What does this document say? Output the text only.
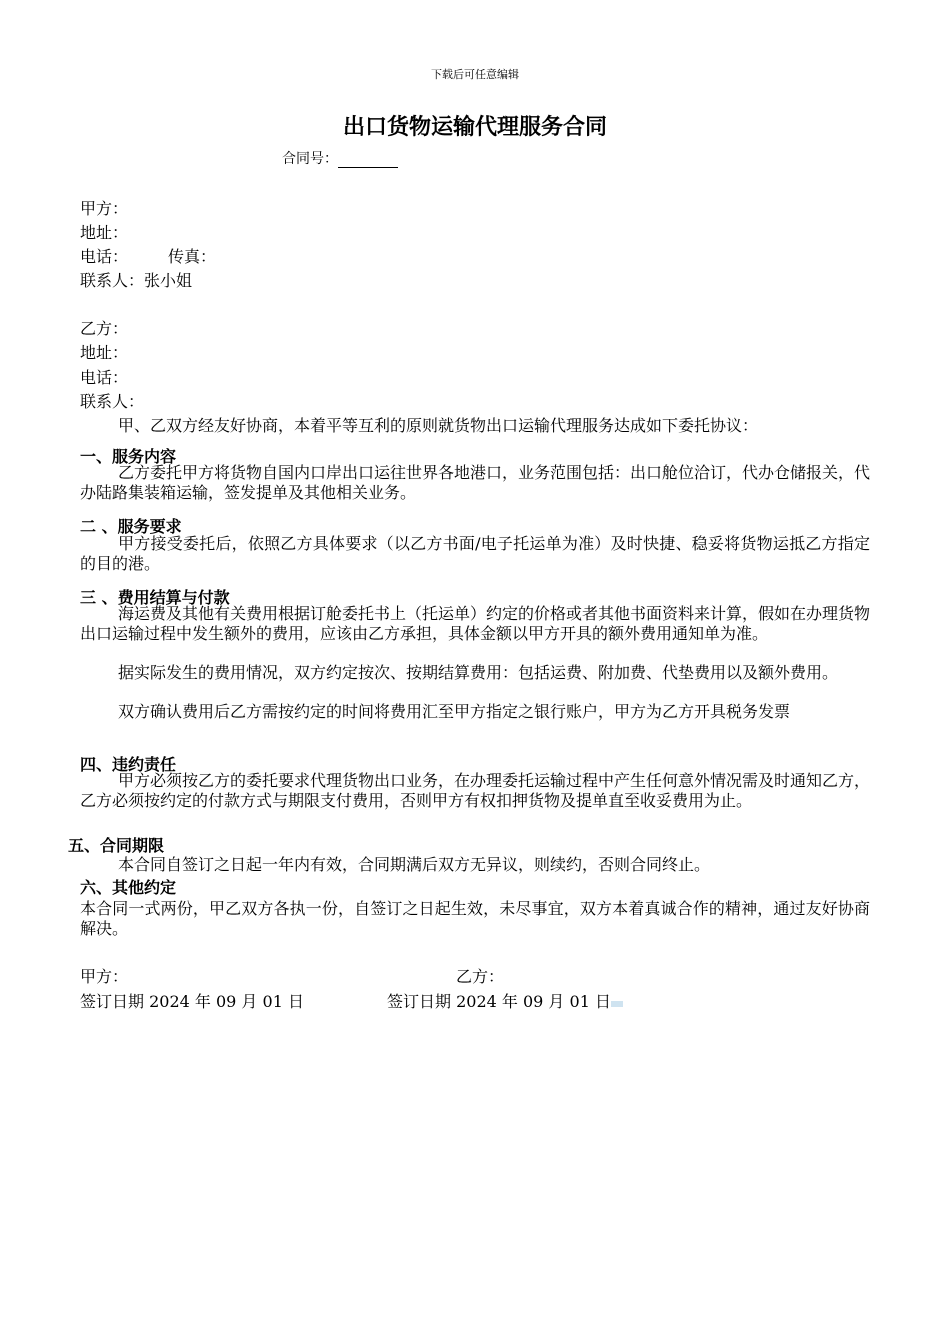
下载后可任意编辑
出口货物运输代理服务合同
合同号：
甲方：
地址：
电话： 传真：
联系人：张小姐
乙方：
地址：
电话：
联系人：
甲、乙双方经友好协商，本着平等互利的原则就货物出口运输代理服务达成如下委托协议：
一、服务内容
乙方委托甲方将货物自国内口岸出口运往世界各地港口，业务范围包括：出口舱位洽订，代办仓储报关，代办陆路集装箱运输，签发提单及其他相关业务。
二 、服务要求
甲方接受委托后，依照乙方具体要求（以乙方书面/电子托运单为准）及时快捷、稳妥将货物运抵乙方指定的目的港。
三 、费用结算与付款
海运费及其他有关费用根据订舱委托书上（托运单）约定的价格或者其他书面资料来计算，假如在办理货物出口运输过程中发生额外的费用，应该由乙方承担，具体金额以甲方开具的额外费用通知单为准。
据实际发生的费用情况，双方约定按次、按期结算费用：包括运费、附加费、代垫费用以及额外费用。
双方确认费用后乙方需按约定的时间将费用汇至甲方指定之银行账户，甲方为乙方开具税务发票
四、违约责任
甲方必须按乙方的委托要求代理货物出口业务，在办理委托运输过程中产生任何意外情况需及时通知乙方，乙方必须按约定的付款方式与期限支付费用，否则甲方有权扣押货物及提单直至收妥费用为止。
五、合同期限
本合同自签订之日起一年内有效，合同期满后双方无异议，则续约，否则合同终止。
六、其他约定
本合同一式两份，甲乙双方各执一份，自签订之日起生效，未尽事宜，双方本着真诚合作的精神，通过友好协商解决。
甲方：	乙方：
签订日期 2024 年 09 月 01 日	签订日期 2024 年 09 月 01 日
